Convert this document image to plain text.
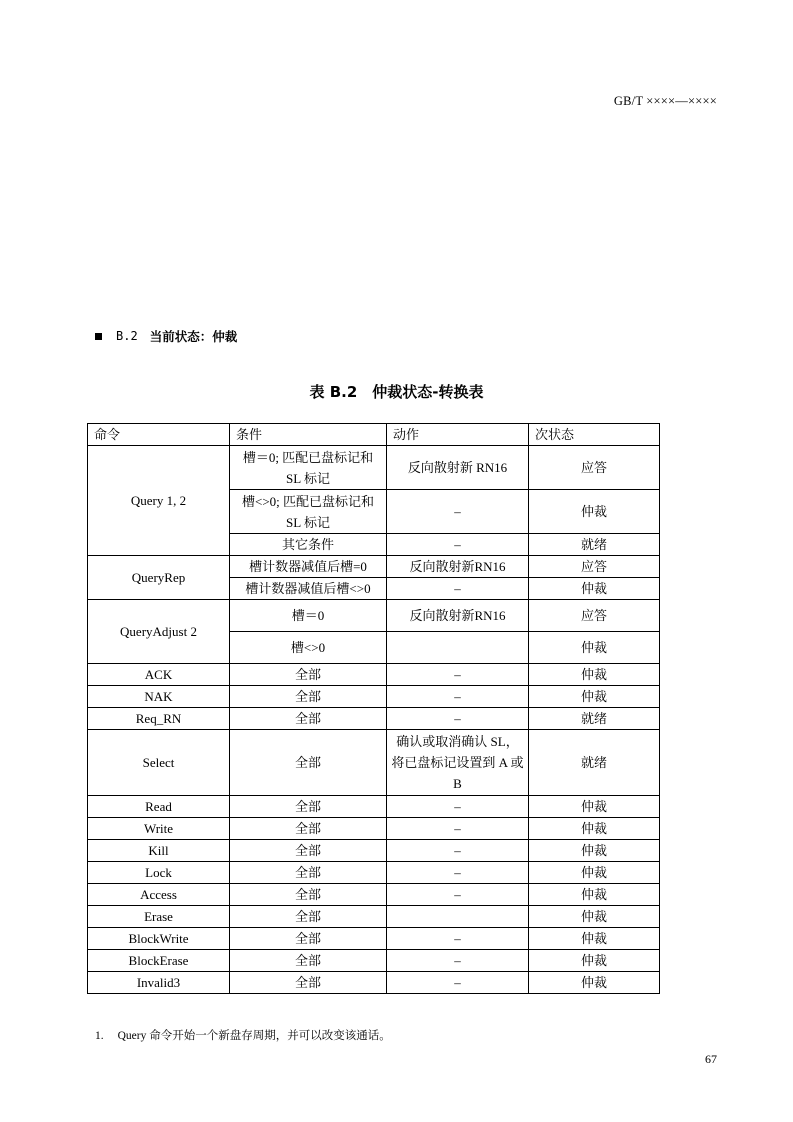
GB/T ××××—××××
B.2 当前状态：仲裁
表 B.2　仲裁状态-转换表
命令	条件	动作	次状态
Query 1, 2	槽＝0; 匹配已盘标记和 SL 标记	反向散射新 RN16	应答
	槽<>0; 匹配已盘标记和 SL 标记	–	仲裁
	其它条件	–	就绪
QueryRep	槽计数器减值后槽=0	反向散射新RN16	应答
	槽计数器减值后槽<>0	–	仲裁
QueryAdjust 2	槽＝0	反向散射新RN16	应答
	槽<>0		仲裁
ACK	全部	–	仲裁
NAK	全部	–	仲裁
Req_RN	全部	–	就绪
Select	全部	确认或取消确认 SL，将已盘标记设置到 A 或 B	就绪
Read	全部	–	仲裁
Write	全部	–	仲裁
Kill	全部	–	仲裁
Lock	全部	–	仲裁
Access	全部	–	仲裁
Erase	全部		仲裁
BlockWrite	全部	–	仲裁
BlockErase	全部	–	仲裁
Invalid3	全部	–	仲裁
1. Query 命令开始一个新盘存周期，并可以改变该通话。
67
